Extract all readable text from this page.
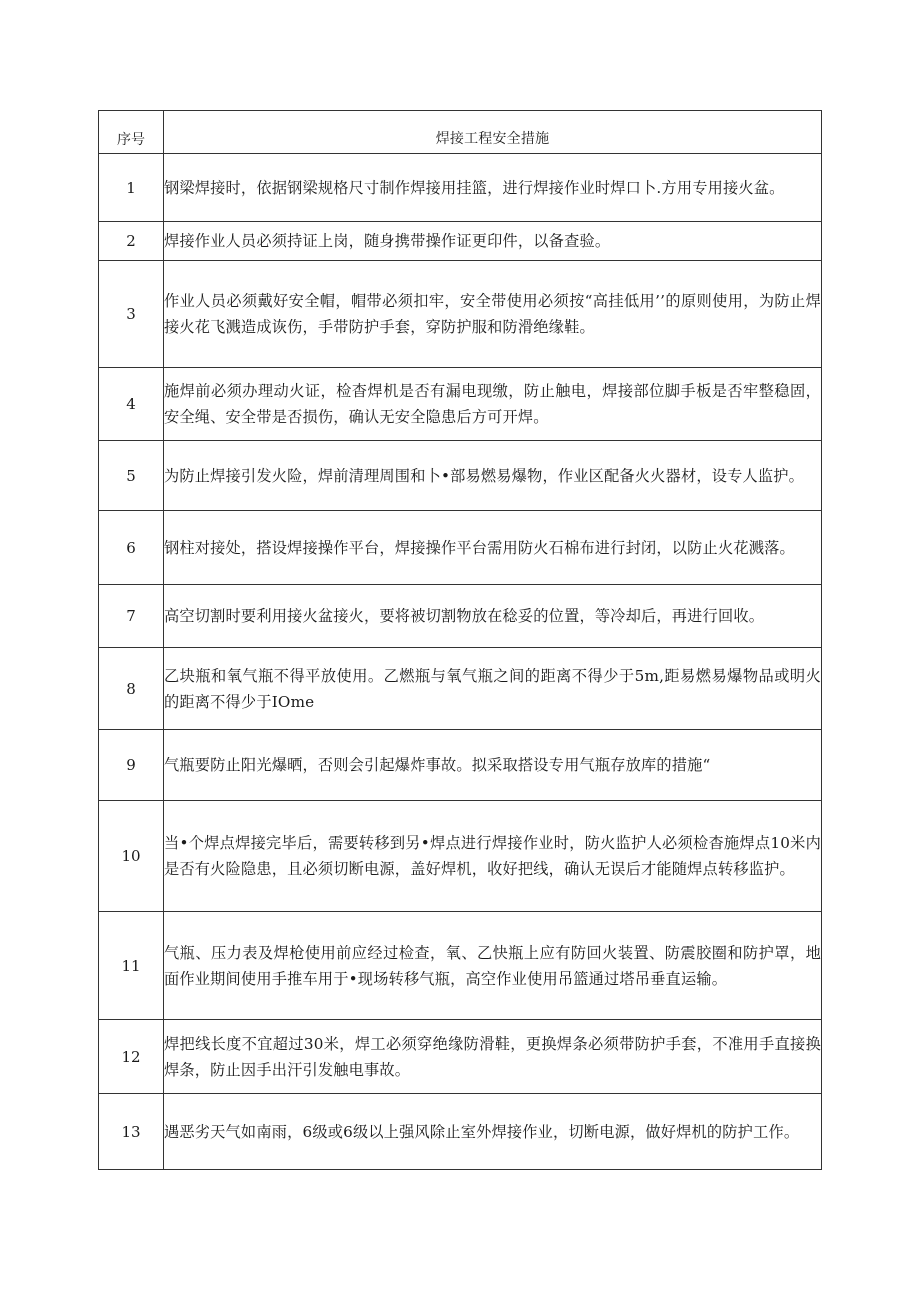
序号	焊接工程安全措施
1	钢梁焊接时，依据钢梁规格尺寸制作焊接用挂篮，进行焊接作业时焊口卜.方用专用接火盆。
2	焊接作业人员必须持证上岗，随身携带操作证更印件，以备查验。
3	作业人员必须戴好安全帽，帽带必须扣牢，安全带使用必须按“高挂低用’’的原则使用，为防止焊接火花飞溅造成诙伤，手带防护手套，穿防护服和防滑绝缘鞋。
4	施焊前必须办理动火证，检杳焊机是否有漏电现缴，防止触电，焊接部位脚手板是否牢整稳固，安全绳、安全带是否损伤，确认无安全隐患后方可开焊。
5	为防止焊接引发火险，焊前清理周围和卜•部易燃易爆物，作业区配备火火器材，设专人监护。
6	钢柱对接处，搭设焊接操作平台，焊接操作平台需用防火石棉布进行封闭，以防止火花溅落。
7	高空切割时要利用接火盆接火，要将被切割物放在稔妥的位置，等冷却后，再进行回收。
8	乙块瓶和氧气瓶不得平放使用。乙燃瓶与氧气瓶之间的距离不得少于5m,距易燃易爆物品或明火的距离不得少于IOme
9	气瓶要防止阳光爆晒，否则会引起爆炸事故。拟采取搭设专用气瓶存放库的措施“
10	当•个焊点焊接完毕后，需要转移到另•焊点进行焊接作业时，防火监护人必须检杳施焊点10米内是否有火险隐患，且必须切断电源，盖好焊机，收好把线，确认无误后才能随焊点转移监护。
11	气瓶、压力表及焊枪使用前应经过检查，氧、乙快瓶上应有防回火装置、防震胶圈和防护罩，地面作业期间使用手推车用于•现场转移气瓶，高空作业使用吊篮通过塔吊垂直运输。
12	焊把线长度不宜超过30米，焊工必须穿绝缘防滑鞋，更换焊条必须带防护手套，不准用手直接换焊条，防止因手出汗引发触电事故。
13	遇恶劣天气如南雨，6级或6级以上强风除止室外焊接作业，切断电源，做好焊机的防护工作。
